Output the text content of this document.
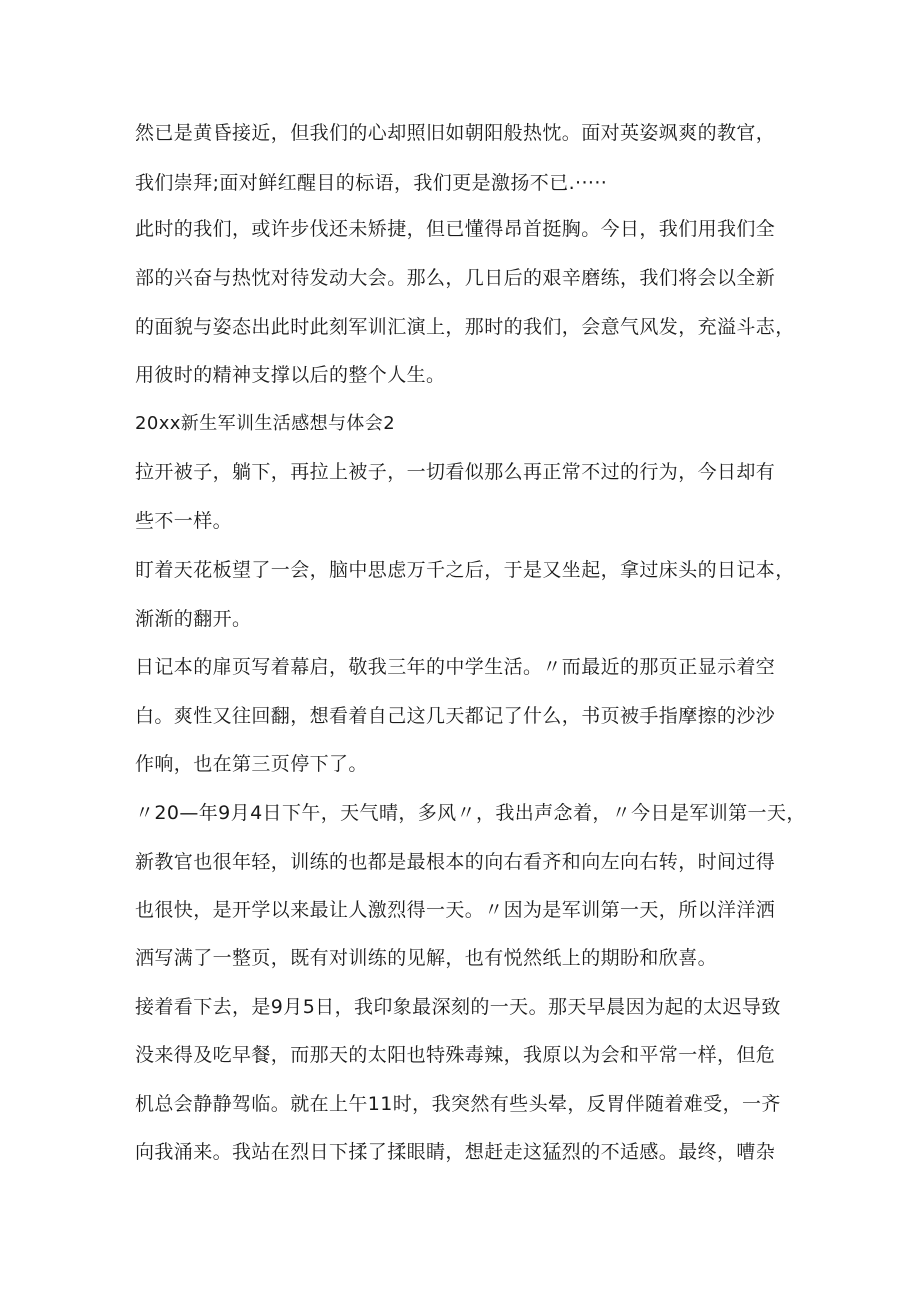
然已是黄昏接近，但我们的心却照旧如朝阳般热忱。面对英姿飒爽的教官，

我们崇拜;面对鲜红醒目的标语，我们更是激扬不已.·····

此时的我们，或许步伐还未矫捷，但已懂得昂首挺胸。今日，我们用我们全

部的兴奋与热忱对待发动大会。那么，几日后的艰辛磨练，我们将会以全新

的面貌与姿态出此时此刻军训汇演上，那时的我们，会意气风发，充溢斗志，

用彼时的精神支撑以后的整个人生。

20xx新生军训生活感想与体会2

拉开被子，躺下，再拉上被子，一切看似那么再正常不过的行为，今日却有

些不一样。

盯着天花板望了一会，脑中思虑万千之后，于是又坐起，拿过床头的日记本，

渐渐的翻开。

日记本的扉页写着幕启，敬我三年的中学生活。〃而最近的那页正显示着空

白。爽性又往回翻，想看着自己这几天都记了什么，书页被手指摩擦的沙沙

作响，也在第三页停下了。

〃20—年9月4日下午，天气晴，多风〃，我出声念着，〃今日是军训第一天，

新教官也很年轻，训练的也都是最根本的向右看齐和向左向右转，时间过得

也很快，是开学以来最让人激烈得一天。〃因为是军训第一天，所以洋洋洒

洒写满了一整页，既有对训练的见解，也有悦然纸上的期盼和欣喜。

接着看下去，是9月5日，我印象最深刻的一天。那天早晨因为起的太迟导致

没来得及吃早餐，而那天的太阳也特殊毒辣，我原以为会和平常一样，但危

机总会静静驾临。就在上午11时，我突然有些头晕，反胃伴随着难受，一齐

向我涌来。我站在烈日下揉了揉眼睛，想赶走这猛烈的不适感。最终，嘈杂
